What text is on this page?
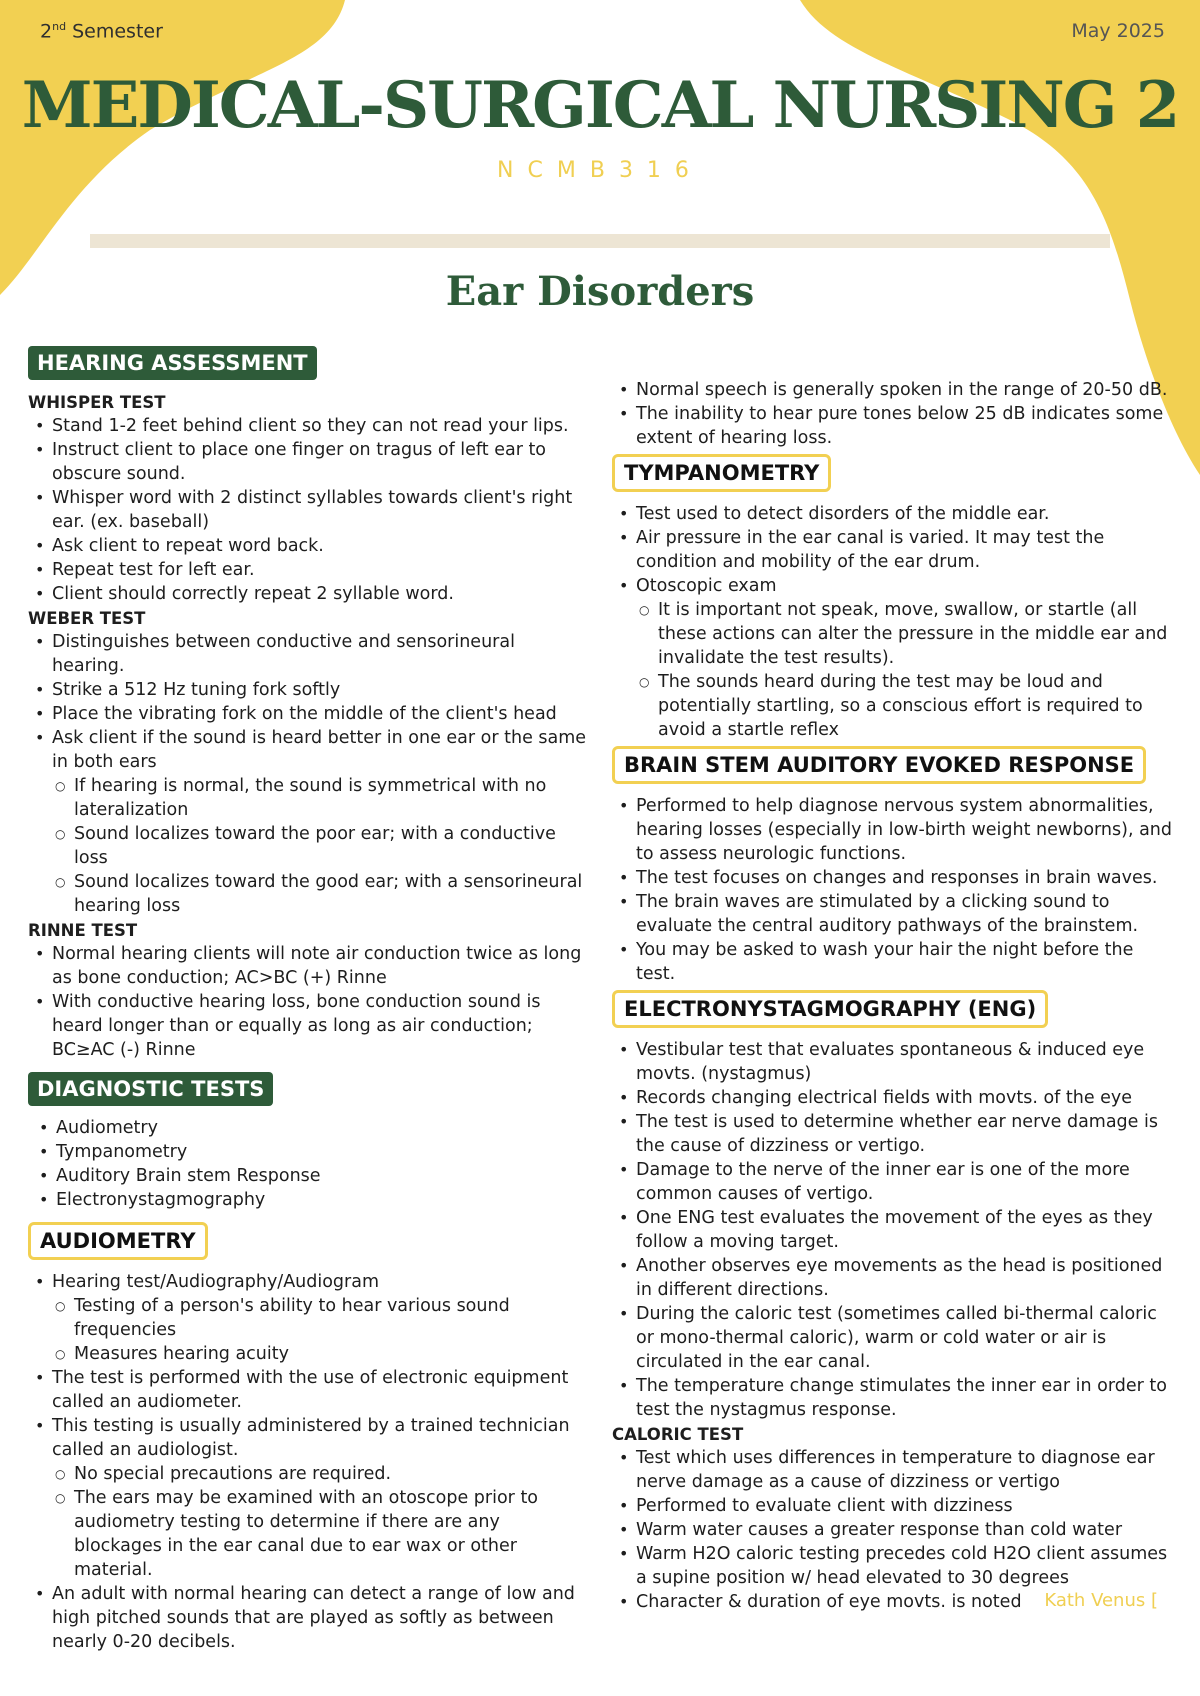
2nd Semester	May 2025
MEDICAL-SURGICAL NURSING 2
NCMB316
Ear Disorders
HEARING ASSESSMENT
WHISPER TEST
• Stand 1-2 feet behind client so they can not read your lips.
• Instruct client to place one finger on tragus of left ear to obscure sound.
• Whisper word with 2 distinct syllables towards client's right ear. (ex. baseball)
• Ask client to repeat word back.
• Repeat test for left ear.
• Client should correctly repeat 2 syllable word.
WEBER TEST
• Distinguishes between conductive and sensorineural hearing.
• Strike a 512 Hz tuning fork softly
• Place the vibrating fork on the middle of the client's head
• Ask client if the sound is heard better in one ear or the same in both ears
○ If hearing is normal, the sound is symmetrical with no lateralization
○ Sound localizes toward the poor ear; with a conductive loss
○ Sound localizes toward the good ear; with a sensorineural hearing loss
RINNE TEST
• Normal hearing clients will note air conduction twice as long as bone conduction; AC>BC (+) Rinne
• With conductive hearing loss, bone conduction sound is heard longer than or equally as long as air conduction; BC≥AC (-) Rinne
DIAGNOSTIC TESTS
• Audiometry
• Tympanometry
• Auditory Brain stem Response
• Electronystagmography
AUDIOMETRY
• Hearing test/Audiography/Audiogram
○ Testing of a person's ability to hear various sound frequencies
○ Measures hearing acuity
• The test is performed with the use of electronic equipment called an audiometer.
• This testing is usually administered by a trained technician called an audiologist.
○ No special precautions are required.
○ The ears may be examined with an otoscope prior to audiometry testing to determine if there are any blockages in the ear canal due to ear wax or other material.
• An adult with normal hearing can detect a range of low and high pitched sounds that are played as softly as between nearly 0-20 decibels.
• Normal speech is generally spoken in the range of 20-50 dB.
• The inability to hear pure tones below 25 dB indicates some extent of hearing loss.
TYMPANOMETRY
• Test used to detect disorders of the middle ear.
• Air pressure in the ear canal is varied. It may test the condition and mobility of the ear drum.
• Otoscopic exam
○ It is important not speak, move, swallow, or startle (all these actions can alter the pressure in the middle ear and invalidate the test results).
○ The sounds heard during the test may be loud and potentially startling, so a conscious effort is required to avoid a startle reflex
BRAIN STEM AUDITORY EVOKED RESPONSE
• Performed to help diagnose nervous system abnormalities, hearing losses (especially in low-birth weight newborns), and to assess neurologic functions.
• The test focuses on changes and responses in brain waves.
• The brain waves are stimulated by a clicking sound to evaluate the central auditory pathways of the brainstem.
• You may be asked to wash your hair the night before the test.
ELECTRONYSTAGMOGRAPHY (ENG)
• Vestibular test that evaluates spontaneous & induced eye movts. (nystagmus)
• Records changing electrical fields with movts. of the eye
• The test is used to determine whether ear nerve damage is the cause of dizziness or vertigo.
• Damage to the nerve of the inner ear is one of the more common causes of vertigo.
• One ENG test evaluates the movement of the eyes as they follow a moving target.
• Another observes eye movements as the head is positioned in different directions.
• During the caloric test (sometimes called bi-thermal caloric or mono-thermal caloric), warm or cold water or air is circulated in the ear canal.
• The temperature change stimulates the inner ear in order to test the nystagmus response.
CALORIC TEST
• Test which uses differences in temperature to diagnose ear nerve damage as a cause of dizziness or vertigo
• Performed to evaluate client with dizziness
• Warm water causes a greater response than cold water
• Warm H2O caloric testing precedes cold H2O client assumes a supine position w/ head elevated to 30 degrees
• Character & duration of eye movts. is noted	Kath Venus [
